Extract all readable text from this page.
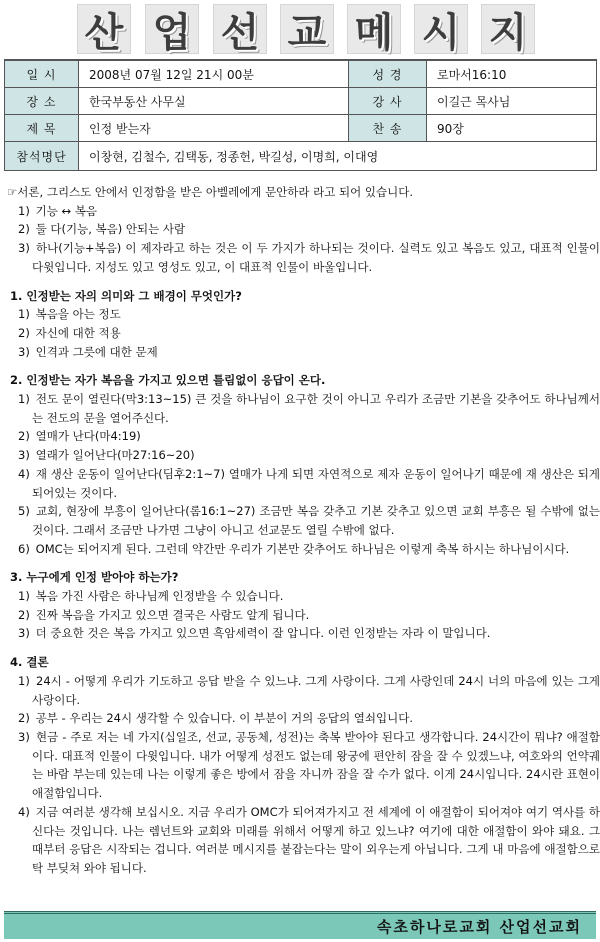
산 업 선 교 메 시 지
일 시	2008년 07월 12일 21시 00분	성 경	로마서16:10
장 소	한국부동산 사무실	강 사	이길근 목사님
제 목	인정 받는자	찬 송	90장
참석명단	이창현, 김철수, 김택동, 정종헌, 박길성, 이명희, 이대영		
☞서론, 그리스도 안에서 인정함을 받은 아벨레에게 문안하라 라고 되어 있습니다.
1) 기능 ↔ 복음
2) 둘 다(기능, 복음) 안되는 사람
3) 하나(기능+복음) 이 제자라고 하는 것은 이 두 가지가 하나되는 것이다. 실력도 있고 복음도 있고, 대표적 인물이 다윗입니다. 지성도 있고 영성도 있고, 이 대표적 인물이 바울입니다.
1. 인정받는 자의 의미와 그 배경이 무엇인가?
1) 복음을 아는 정도
2) 자신에 대한 적용
3) 인격과 그릇에 대한 문제
2. 인정받는 자가 복음을 가지고 있으면 틀림없이 응답이 온다.
1) 전도 문이 열린다(막3:13~15) 큰 것을 하나님이 요구한 것이 아니고 우리가 조금만 기본을 갖추어도 하나님께서는 전도의 문을 열어주신다.
2) 열매가 난다(마4:19)
3) 열래가 일어난다(마27:16~20)
4) 재 생산 운동이 일어난다(딤후2:1~7) 열매가 나게 되면 자연적으로 제자 운동이 일어나기 때문에 재 생산은 되게 되어있는 것이다.
5) 교회, 현장에 부흥이 일어난다(롬16:1~27) 조금만 복음 갖추고 기본 갖추고 있으면 교회 부흥은 될 수밖에 없는 것이다. 그래서 조금만 나가면 그냥이 아니고 선교문도 열릴 수밖에 없다.
6) OMC는 되어지게 된다. 그런데 약간만 우리가 기본만 갖추어도 하나님은 이렇게 축복 하시는 하나님이시다.
3. 누구에게 인정 받아야 하는가?
1) 복음 가진 사람은 하나님께 인정받을 수 있습니다.
2) 진짜 복음을 가지고 있으면 결국은 사람도 알게 됩니다.
3) 더 중요한 것은 복음 가지고 있으면 흑암세력이 잘 압니다. 이런 인정받는 자라 이 말입니다.
4. 결론
1) 24시 - 어떻게 우리가 기도하고 응답 받을 수 있느냐. 그게 사랑이다. 그게 사랑인데 24시 너의 마음에 있는 그게 사랑이다.
2) 공부 - 우리는 24시 생각할 수 있습니다. 이 부분이 거의 응답의 열쇠입니다.
3) 현금 - 주로 저는 네 가지(십일조, 선교, 공동체, 성전)는 축복 받아야 된다고 생각합니다. 24시간이 뭐냐? 애절함이다. 대표적 인물이 다윗입니다. 내가 어떻게 성전도 없는데 왕궁에 편안히 잠을 잘 수 있겠느냐, 여호와의 언약궤는 바람 부는데 있는데 나는 이렇게 좋은 방에서 잠을 자니까 잠을 잘 수가 없다. 이게 24시입니다. 24시란 표현이 애절함입니다.
4) 지금 여러분 생각해 보십시오. 지금 우리가 OMC가 되어져가지고 전 세계에 이 애절함이 되어져야 여기 역사를 하신다는 것입니다. 나는 렘넌트와 교회와 미래를 위해서 어떻게 하고 있느냐? 여기에 대한 애절함이 와야 돼요. 그 때부터 응답은 시작되는 겁니다. 여러분 메시지를 붙잡는다는 말이 외우는게 아닙니다. 그게 내 마음에 애절함으로 탁 부딪쳐 와야 됩니다.
속초하나로교회 산업선교회
